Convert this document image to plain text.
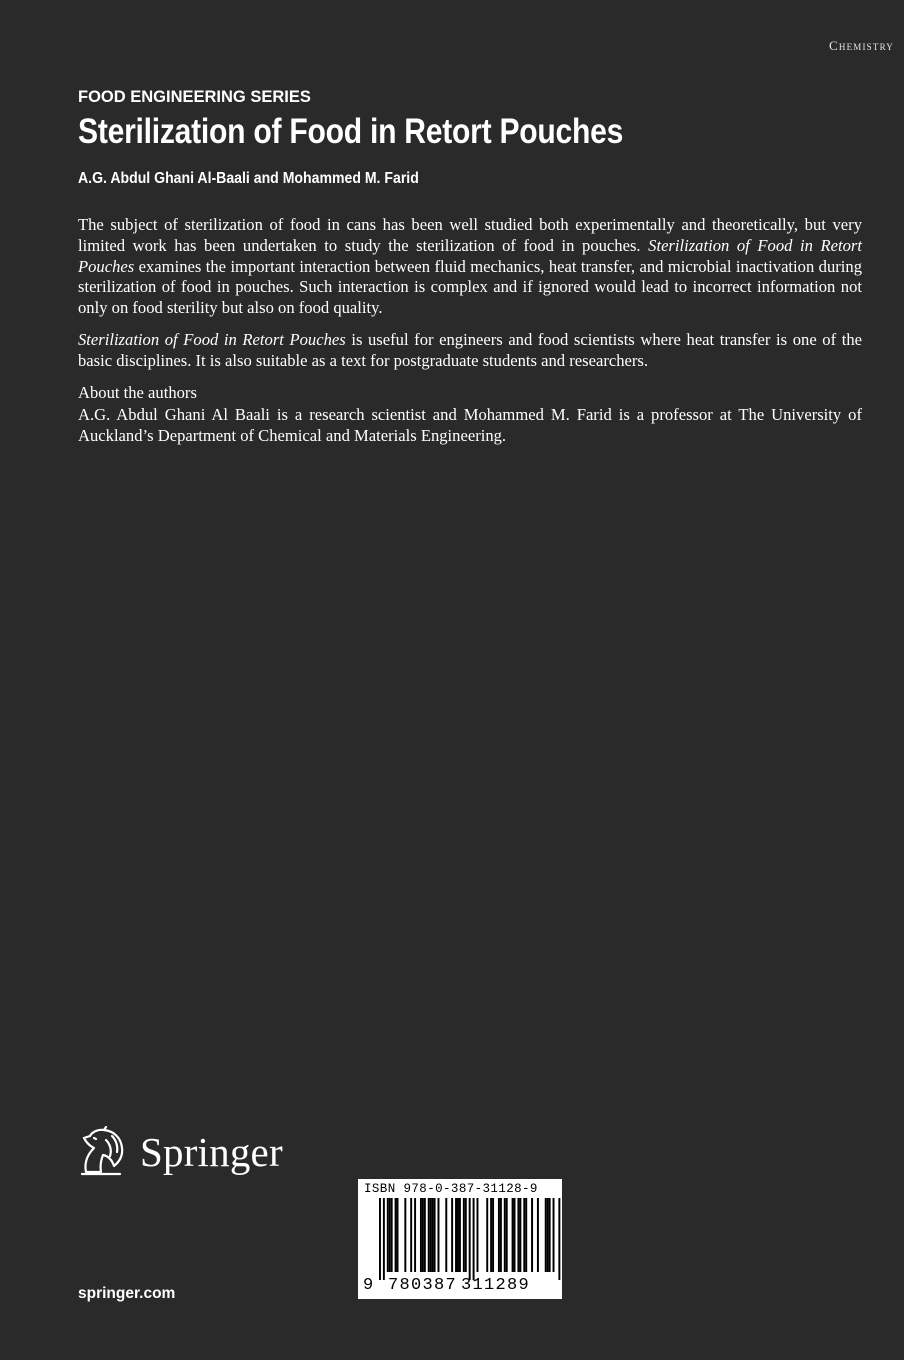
Chemistry
FOOD ENGINEERING SERIES
Sterilization of Food in Retort Pouches
A.G. Abdul Ghani Al-Baali and Mohammed M. Farid

The subject of sterilization of food in cans has been well studied both experimentally and theoretically, but very limited work has been undertaken to study the sterilization of food in pouches. Sterilization of Food in Retort Pouches examines the important interaction between fluid mechanics, heat transfer, and microbial inactivation during sterilization of food in pouches. Such interaction is complex and if ignored would lead to incorrect information not only on food sterility but also on food quality.

Sterilization of Food in Retort Pouches is useful for engineers and food scientists where heat transfer is one of the basic disciplines. It is also suitable as a text for postgraduate students and researchers.

About the authors

A.G. Abdul Ghani Al Baali is a research scientist and Mohammed M. Farid is a professor at The University of Auckland’s Department of Chemical and Materials Engineering.

Springer
springer.com
ISBN 978-0-387-31128-9
9 780387 311289
